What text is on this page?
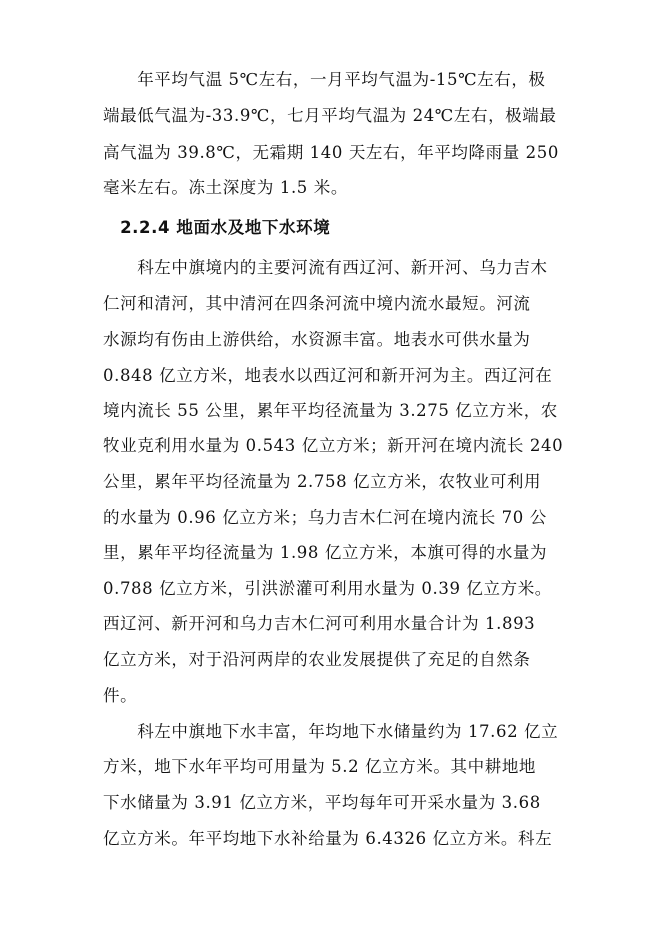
　　年平均气温 5℃左右，一月平均气温为-15℃左右，极
端最低气温为-33.9℃，七月平均气温为 24℃左右，极端最
高气温为 39.8℃，无霜期 140 天左右，年平均降雨量 250
毫米左右。冻土深度为 1.5 米。
　2.2.4 地面水及地下水环境
　　科左中旗境内的主要河流有西辽河、新开河、乌力吉木
仁河和清河，其中清河在四条河流中境内流水最短。河流
水源均有伤由上游供给，水资源丰富。地表水可供水量为
0.848 亿立方米，地表水以西辽河和新开河为主。西辽河在
境内流长 55 公里，累年平均径流量为 3.275 亿立方米，农
牧业克利用水量为 0.543 亿立方米；新开河在境内流长 240
公里，累年平均径流量为 2.758 亿立方米，农牧业可利用
的水量为 0.96 亿立方米；乌力吉木仁河在境内流长 70 公
里，累年平均径流量为 1.98 亿立方米，本旗可得的水量为
0.788 亿立方米，引洪淤灌可利用水量为 0.39 亿立方米。
西辽河、新开河和乌力吉木仁河可利用水量合计为 1.893
亿立方米，对于沿河两岸的农业发展提供了充足的自然条
件。
　　科左中旗地下水丰富，年均地下水储量约为 17.62 亿立
方米，地下水年平均可用量为 5.2 亿立方米。其中耕地地
下水储量为 3.91 亿立方米，平均每年可开采水量为 3.68
亿立方米。年平均地下水补给量为 6.4326 亿立方米。科左
